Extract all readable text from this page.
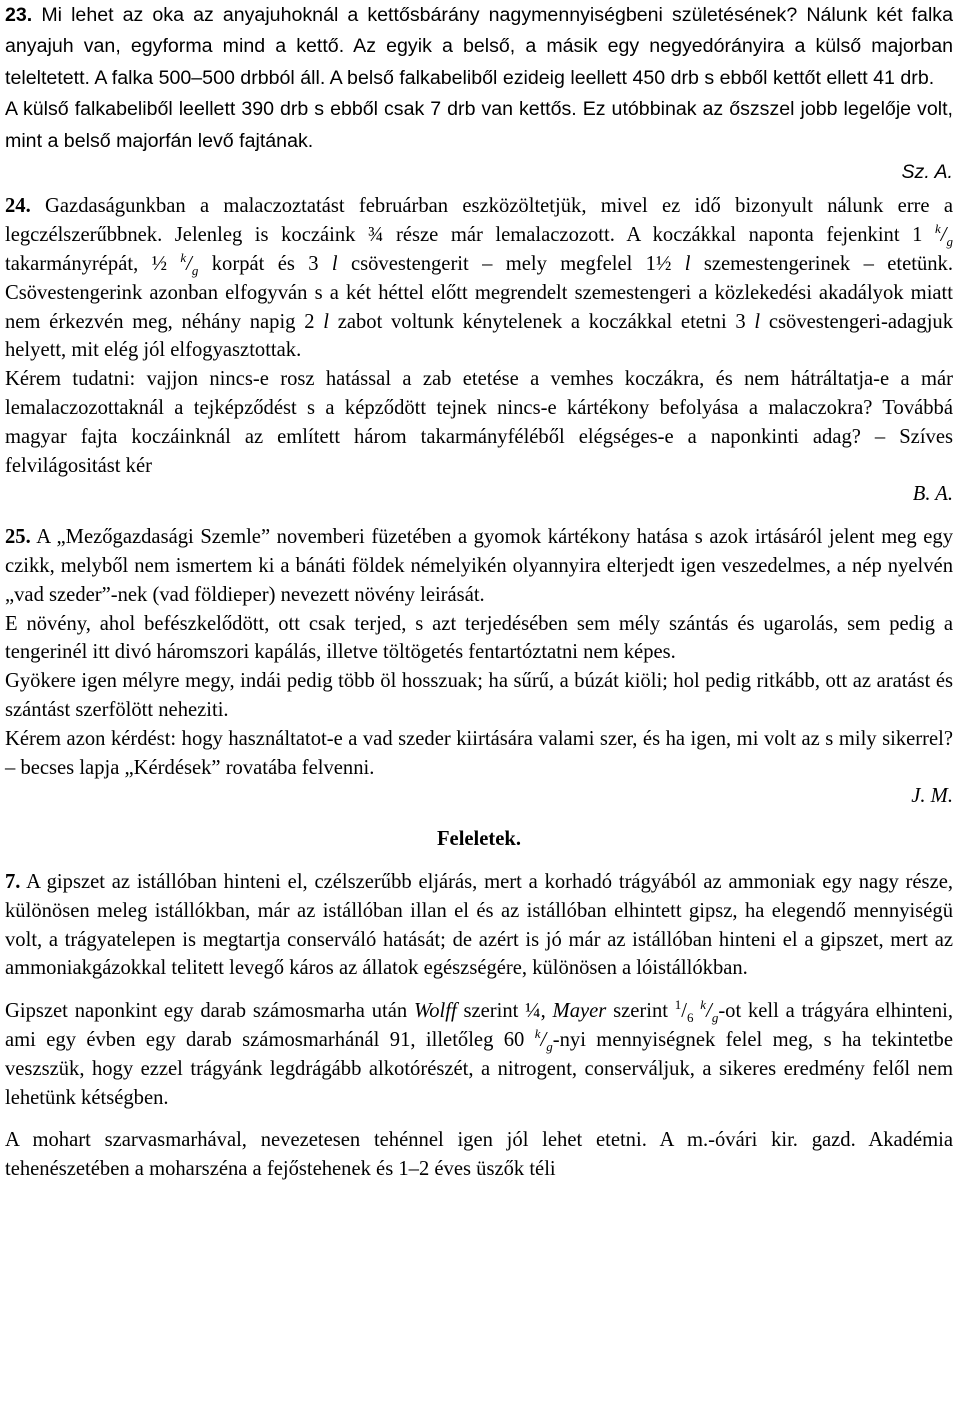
23. Mi lehet az oka az anyajuhoknál a kettősbárány nagymennyiségbeni születésének? Nálunk két falka anyajuh van, egyforma mind a kettő. Az egyik a belső, a másik egy negyedórányira a külső majorban teleltetett. A falka 500–500 drbból áll. A belső falkabeliből ezideig leellett 450 drb s ebből kettőt ellett 41 drb.

A külső falkabeliből leellett 390 drb s ebből csak 7 drb van kettős. Ez utóbbinak az őszszel jobb legelője volt, mint a belső majorfán levő fajtának.

Sz. A.

24. Gazdaságunkban a malaczoztatást februárban eszközöltetjük, mivel ez idő bizonyult nálunk erre a legczélszerűbbnek. Jelenleg is koczáink ¾ része már lemalaczozott. A koczákkal naponta fejenkint 1 $^k/_g$ takarmányrépát, ½ $^k/_g$ korpát és 3 l csövestengerit – mely megfelel 1½ l szemestengerinek – etetünk. Csövestengerink azonban elfogyván s a két héttel előtt megrendelt szemestengeri a közlekedési akadályok miatt nem érkezvén meg, néhány napig 2 l zabot voltunk kénytelenek a koczákkal etetni 3 l csövestengeri-adagjuk helyett, mit elég jól elfogyasztottak.

Kérem tudatni: vajjon nincs-e rosz hatással a zab etetése a vemhes koczákra, és nem hátráltatja-e a már lemalaczozottaknál a tejképződést s a képződött tejnek nincs-e kártékony befolyása a malaczokra? Továbbá magyar fajta koczáinknál az említett három takarmányféléből elégséges-e a naponkinti adag? – Szíves felvilágositást kér

B. A.

25. A „Mezőgazdasági Szemle” novemberi füzetében a gyomok kártékony hatása s azok irtásáról jelent meg egy czikk, melyből nem ismertem ki a bánáti földek némelyikén olyannyira elterjedt igen veszedelmes, a nép nyelvén „vad szeder”-nek (vad földieper) nevezett növény leirását.

E növény, ahol befészkelődött, ott csak terjed, s azt terjedésében sem mély szántás és ugarolás, sem pedig a tengerinél itt divó háromszori kapálás, illetve töltögetés fentartóztatni nem képes.

Gyökere igen mélyre megy, indái pedig több öl hosszuak; ha sűrű, a búzát kiöli; hol pedig ritkább, ott az aratást és szántást szerfölött neheziti.

Kérem azon kérdést: hogy használtatot-e a vad szeder kiirtására valami szer, és ha igen, mi volt az s mily sikerrel? – becses lapja „Kérdések” rovatába felvenni.

J. M.

Feleletek.

7. A gipszet az istállóban hinteni el, czélszerűbb eljárás, mert a korhadó trágyából az ammoniak egy nagy része, különösen meleg istállókban, már az istállóban illan el és az istállóban elhintett gipsz, ha elegendő mennyiségü volt, a trágyatelepen is megtartja conserváló hatását; de azért is jó már az istállóban hinteni el a gipszet, mert az ammoniakgázokkal telitett levegő káros az állatok egészségére, különösen a lóistállókban.

Gipszet naponkint egy darab számosmarha után Wolff szerint ¼, Mayer szerint $^1/_6$ $^k/_g-ot$ kell a trágyára elhinteni, ami egy évben egy darab számosmarhánál 91, illetőleg 60 $^k/_g$-nyi mennyiségnek felel meg, s ha tekintetbe veszszük, hogy ezzel trágyánk legdrágább alkotórészét, a nitrogent, conserváljuk, a sikeres eredmény felől nem lehetünk kétségben.

A mohart szarvasmarhával, nevezetesen tehénnel igen jól lehet etetni. A m.-óvári kir. gazd. Akadémia tehenészetében a moharszéna a fejőstehenek és 1–2 éves üszők téli
